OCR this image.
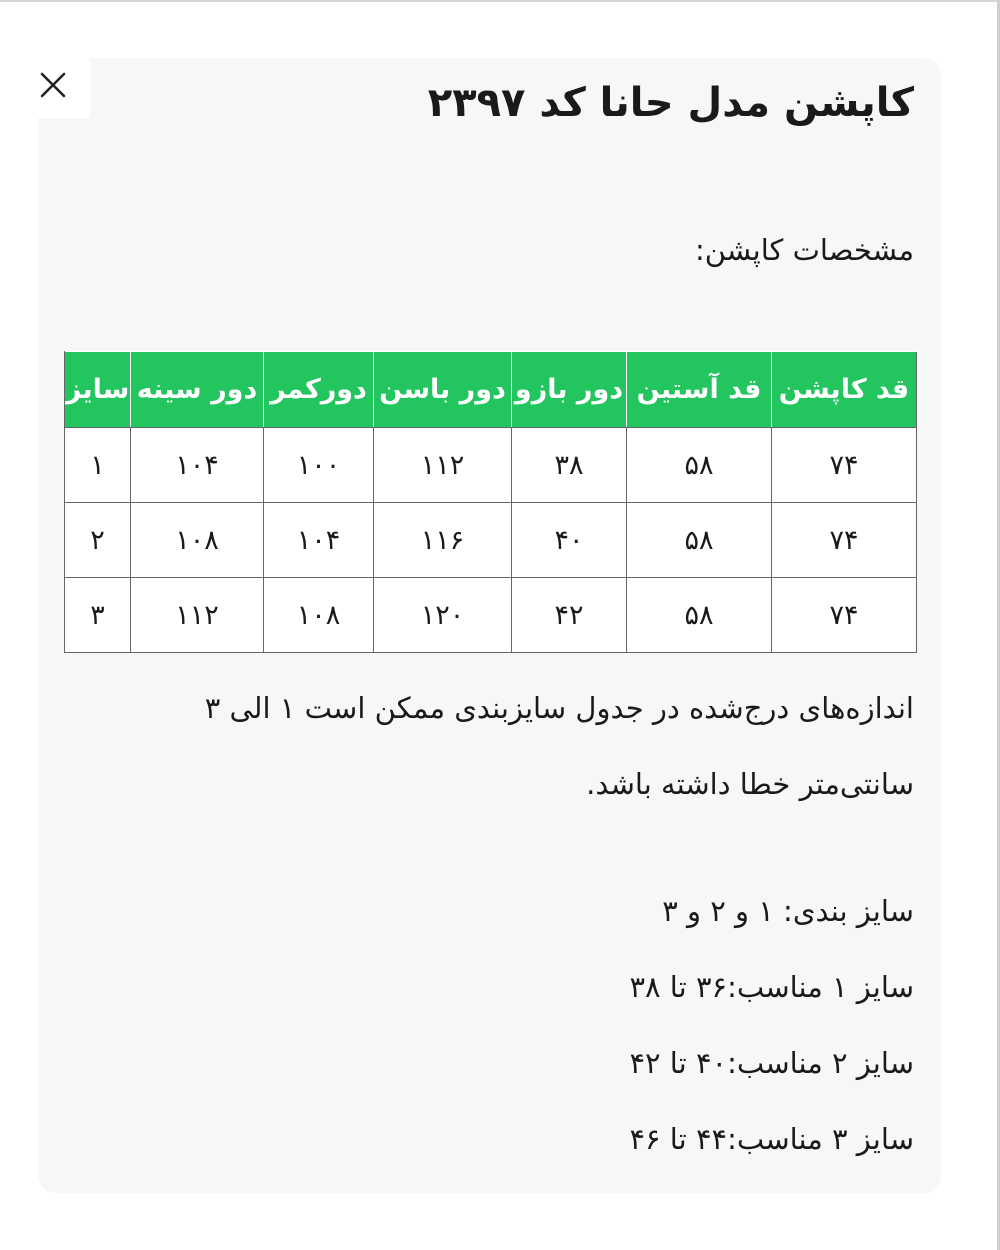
کاپشن مدل حانا کد ۲۳۹۷

مشخصات کاپشن:

قد کاپشن	قد آستین	دور بازو	دور باسن	دورکمر	دور سینه	سایز
۷۴	۵۸	۳۸	۱۱۲	۱۰۰	۱۰۴	۱
۷۴	۵۸	۴۰	۱۱۶	۱۰۴	۱۰۸	۲
۷۴	۵۸	۴۲	۱۲۰	۱۰۸	۱۱۲	۳

اندازه‌های درج‌شده در جدول سایزبندی ممکن است ۱ الی ۳ سانتی‌متر خطا داشته باشد.

سایز بندی: ۱ و ۲ و ۳
سایز ۱ مناسب:۳۶ تا ۳۸
سایز ۲ مناسب:۴۰ تا ۴۲
سایز ۳ مناسب:۴۴ تا ۴۶
